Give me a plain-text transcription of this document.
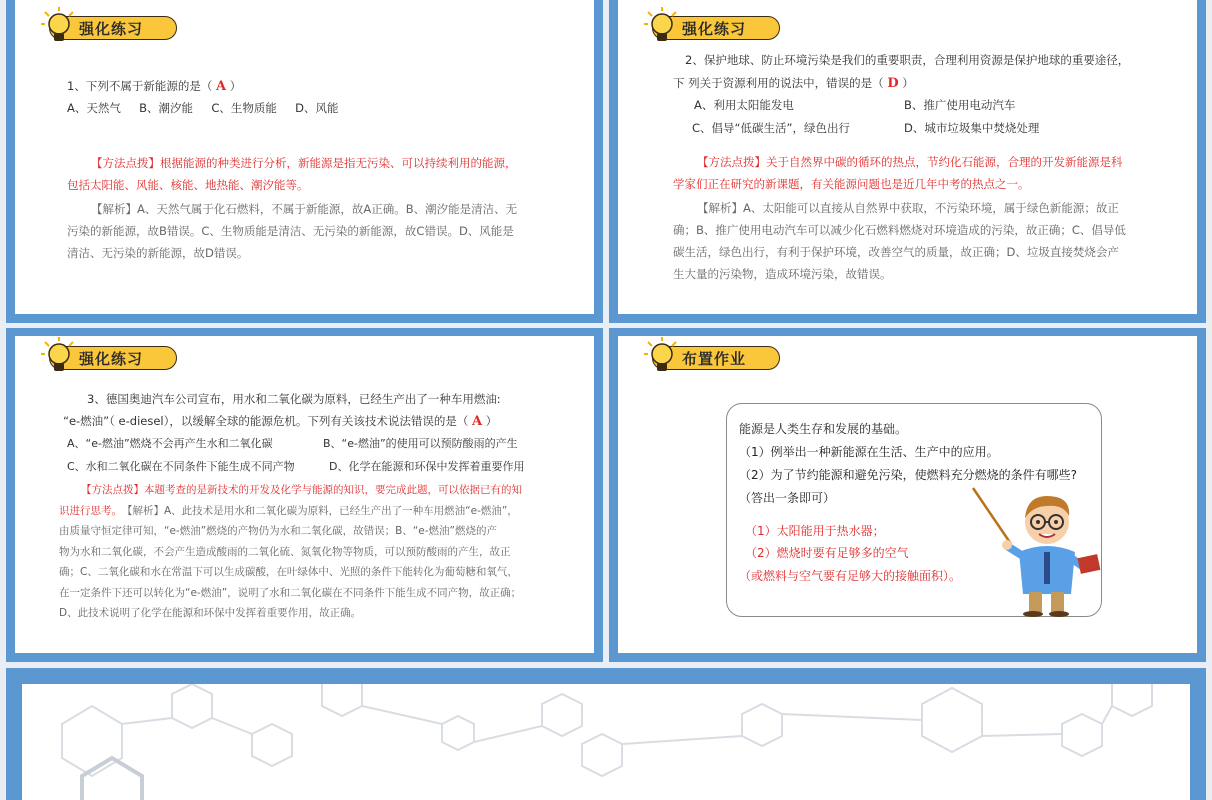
强化练习
1、下列不属于新能源的是（ A ）
A、天然气 B、潮汐能 C、生物质能 D、风能
【方法点拨】根据能源的种类进行分析，新能源是指无污染、可以持续利用的能源，
包括太阳能、风能、核能、地热能、潮汐能等。
【解析】A、天然气属于化石燃料，不属于新能源，故A正确。B、潮汐能是清洁、无
污染的新能源，故B错误。C、生物质能是清洁、无污染的新能源，故C错误。D、风能是
清洁、无污染的新能源，故D错误。
强化练习
2、保护地球、防止环境污染是我们的重要职责，合理利用资源是保护地球的重要途径，
下 列关于资源利用的说法中，错误的是（ D ）
A、利用太阳能发电	B、推广使用电动汽车
C、倡导“低碳生活”，绿色出行	D、城市垃圾集中焚烧处理
【方法点拨】关于自然界中碳的循环的热点，节约化石能源，合理的开发新能源是科
学家们正在研究的新课题，有关能源问题也是近几年中考的热点之一。
【解析】A、太阳能可以直接从自然界中获取，不污染环境，属于绿色新能源；故正
确；B、推广使用电动汽车可以减少化石燃料燃烧对环境造成的污染，故正确；C、倡导低
碳生活，绿色出行，有利于保护环境，改善空气的质量，故正确；D、垃圾直接焚烧会产
生大量的污染物，造成环境污染，故错误。
强化练习
3、德国奥迪汽车公司宣布，用水和二氧化碳为原料，已经生产出了一种车用燃油:
“e-燃油”（ e-diesel），以缓解全球的能源危机。下列有关该技术说法错误的是（ A ）
A、“e-燃油”燃烧不会再产生水和二氧化碳	B、“e-燃油”的使用可以预防酸雨的产生
C、水和二氧化碳在不同条件下能生成不同产物	D、化学在能源和环保中发挥着重要作用
【方法点拨】本题考查的是新技术的开发及化学与能源的知识，要完成此题，可以依据已有的知
识进行思考。【解析】A、此技术是用水和二氧化碳为原料，已经生产出了一种车用燃油“e-燃油”，
由质量守恒定律可知，“e-燃油”燃烧的产物仍为水和二氧化碳，故错误；B、“e-燃油”燃烧的产
物为水和二氧化碳，不会产生造成酸雨的二氧化硫、氮氧化物等物质，可以预防酸雨的产生，故正
确；C、二氧化碳和水在常温下可以生成碳酸，在叶绿体中、光照的条件下能转化为葡萄糖和氧气，
在一定条件下还可以转化为“e-燃油”，说明了水和二氧化碳在不同条件下能生成不同产物，故正确；
D、此技术说明了化学在能源和环保中发挥着重要作用，故正确。
布置作业
能源是人类生存和发展的基础。
（1）例举出一种新能源在生活、生产中的应用。
（2）为了节约能源和避免污染，使燃料充分燃烧的条件有哪些?
（答出一条即可）
（1）太阳能用于热水器；
（2）燃烧时要有足够多的空气
（或燃料与空气要有足够大的接触面积）。
